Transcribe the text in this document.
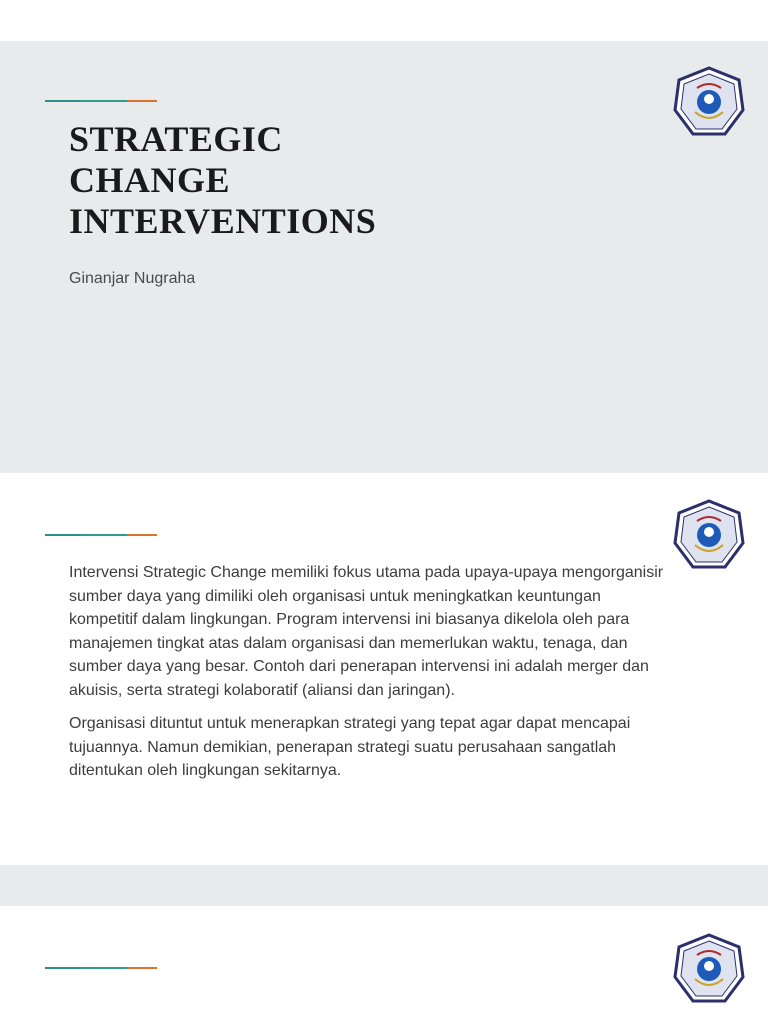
STRATEGIC
CHANGE
INTERVENTIONS
Ginanjar Nugraha

Intervensi Strategic Change memiliki fokus utama pada upaya-upaya mengorganisir
sumber daya yang dimiliki oleh organisasi untuk meningkatkan keuntungan
kompetitif dalam lingkungan. Program intervensi ini biasanya dikelola oleh para
manajemen tingkat atas dalam organisasi dan memerlukan waktu, tenaga, dan
sumber daya yang besar. Contoh dari penerapan intervensi ini adalah merger dan
akuisis, serta strategi kolaboratif (aliansi dan jaringan).

Organisasi dituntut untuk menerapkan strategi yang tepat agar dapat mencapai
tujuannya. Namun demikian, penerapan strategi suatu perusahaan sangatlah
ditentukan oleh lingkungan sekitarnya.
